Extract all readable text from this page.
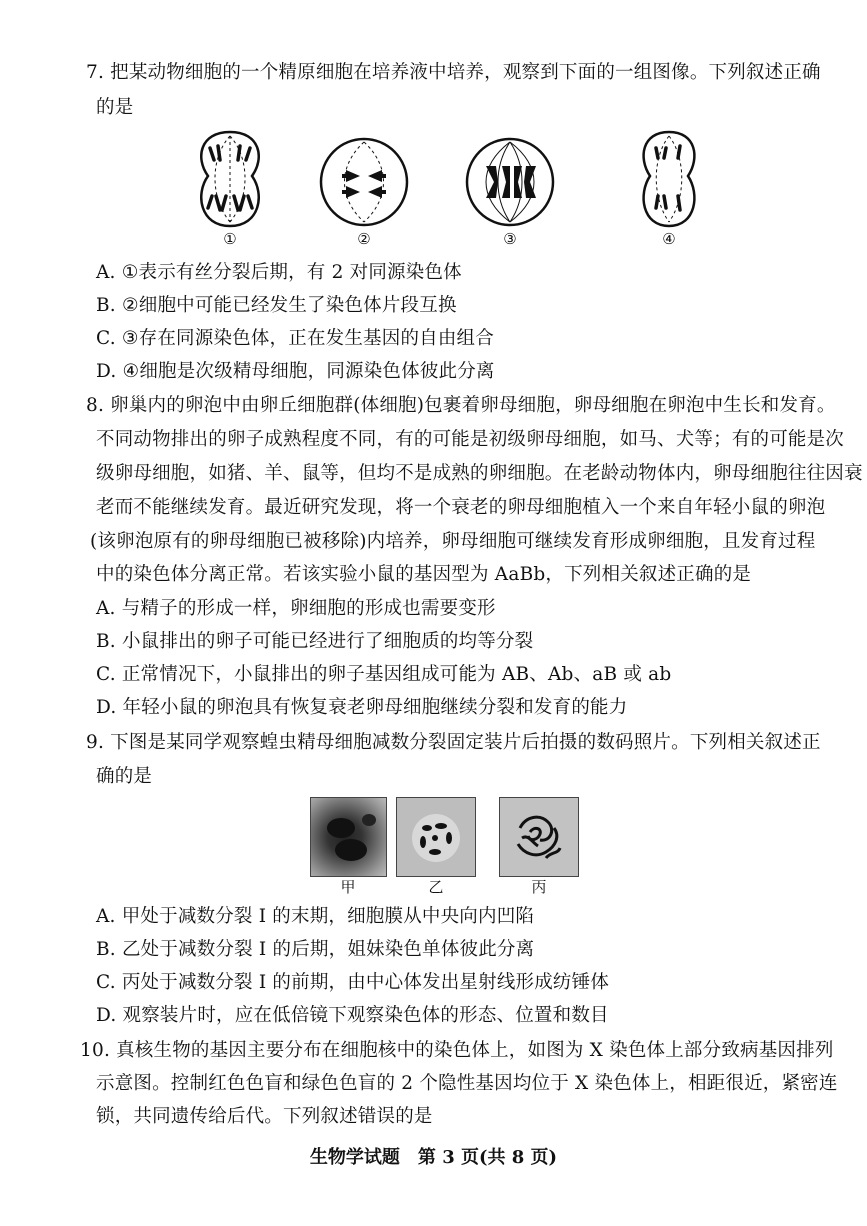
7. 把某动物细胞的一个精原细胞在培养液中培养，观察到下面的一组图像。下列叙述正确
的是
①	②	③	④
A. ①表示有丝分裂后期，有 2 对同源染色体
B. ②细胞中可能已经发生了染色体片段互换
C. ③存在同源染色体，正在发生基因的自由组合
D. ④细胞是次级精母细胞，同源染色体彼此分离
8. 卵巢内的卵泡中由卵丘细胞群(体细胞)包裹着卵母细胞，卵母细胞在卵泡中生长和发育。
不同动物排出的卵子成熟程度不同，有的可能是初级卵母细胞，如马、犬等；有的可能是次
级卵母细胞，如猪、羊、鼠等，但均不是成熟的卵细胞。在老龄动物体内，卵母细胞往往因衰
老而不能继续发育。最近研究发现，将一个衰老的卵母细胞植入一个来自年轻小鼠的卵泡
(该卵泡原有的卵母细胞已被移除)内培养，卵母细胞可继续发育形成卵细胞，且发育过程
中的染色体分离正常。若该实验小鼠的基因型为 AaBb，下列相关叙述正确的是
A. 与精子的形成一样，卵细胞的形成也需要变形
B. 小鼠排出的卵子可能已经进行了细胞质的均等分裂
C. 正常情况下，小鼠排出的卵子基因组成可能为 AB、Ab、aB 或 ab
D. 年轻小鼠的卵泡具有恢复衰老卵母细胞继续分裂和发育的能力
9. 下图是某同学观察蝗虫精母细胞减数分裂固定装片后拍摄的数码照片。下列相关叙述正
确的是
甲	乙	丙
A. 甲处于减数分裂 Ⅰ 的末期，细胞膜从中央向内凹陷
B. 乙处于减数分裂 Ⅰ 的后期，姐妹染色单体彼此分离
C. 丙处于减数分裂 Ⅰ 的前期，由中心体发出星射线形成纺锤体
D. 观察装片时，应在低倍镜下观察染色体的形态、位置和数目
10. 真核生物的基因主要分布在细胞核中的染色体上，如图为 X 染色体上部分致病基因排列
示意图。控制红色色盲和绿色色盲的 2 个隐性基因均位于 X 染色体上，相距很近，紧密连
锁，共同遗传给后代。下列叙述错误的是
生物学试题　第 3 页(共 8 页)
